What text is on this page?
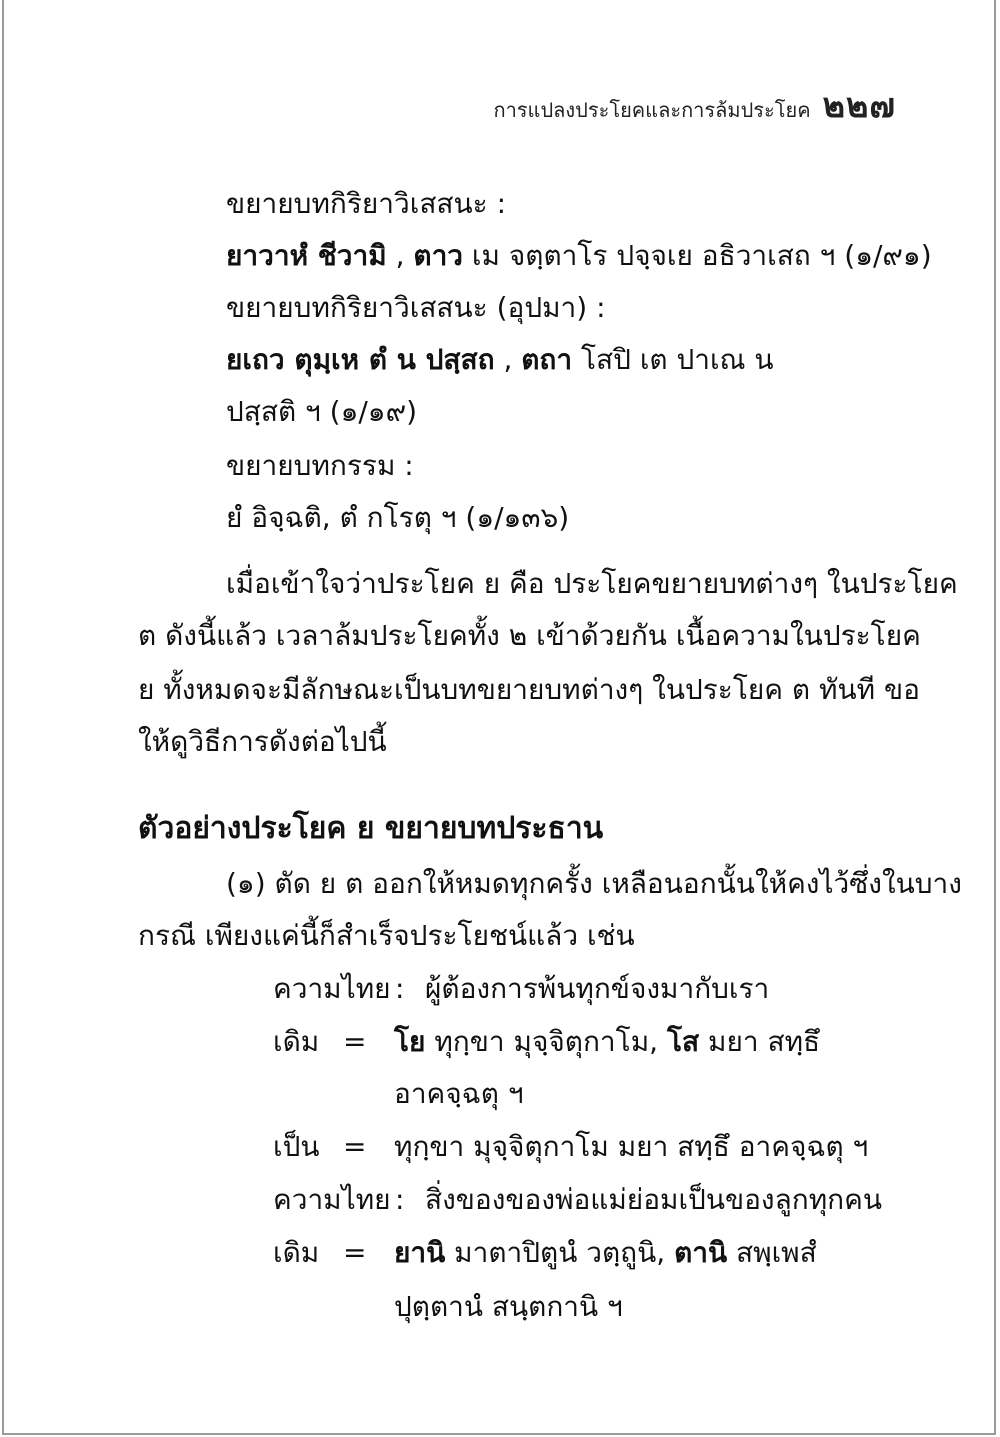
การแปลงประโยคและการล้มประโยค ๒๒๗
ขยายบทกิริยาวิเสสนะ :
ยาวาหํ ชีวามิ , ตาว เม จตฺตาโร ปจฺจเย อธิวาเสถ ฯ (๑/๙๑)
ขยายบทกิริยาวิเสสนะ (อุปมา) :
ยเถว ตุมฺเห ตํ น ปสฺสถ , ตถา โสปิ เต ปาเณ น
ปสฺสติ ฯ (๑/๑๙)
ขยายบทกรรม :
ยํ อิจฺฉติ, ตํ กโรตุ ฯ (๑/๑๓๖)
เมื่อเข้าใจว่าประโยค ย คือ ประโยคขยายบทต่างๆ ในประโยค
ต ดังนี้แล้ว เวลาล้มประโยคทั้ง ๒ เข้าด้วยกัน เนื้อความในประโยค
ย ทั้งหมดจะมีลักษณะเป็นบทขยายบทต่างๆ ในประโยค ต ทันที ขอ
ให้ดูวิธีการดังต่อไปนี้
ตัวอย่างประโยค ย ขยายบทประธาน
(๑) ตัด ย ต ออกให้หมดทุกครั้ง เหลือนอกนั้นให้คงไว้ซึ่งในบาง
กรณี เพียงแค่นี้ก็สำเร็จประโยชน์แล้ว เช่น
ความไทย : ผู้ต้องการพ้นทุกข์จงมากับเรา
เดิม = โย ทุกฺขา มุจฺจิตุกาโม, โส มยา สทฺธึ
อาคจฺฉตุ ฯ
เป็น = ทุกฺขา มุจฺจิตุกาโม มยา สทฺธึ อาคจฺฉตุ ฯ
ความไทย : สิ่งของของพ่อแม่ย่อมเป็นของลูกทุกคน
เดิม = ยานิ มาตาปิตูนํ วตฺถูนิ, ตานิ สพฺเพสํ
ปุตฺตานํ สนฺตกานิ ฯ
